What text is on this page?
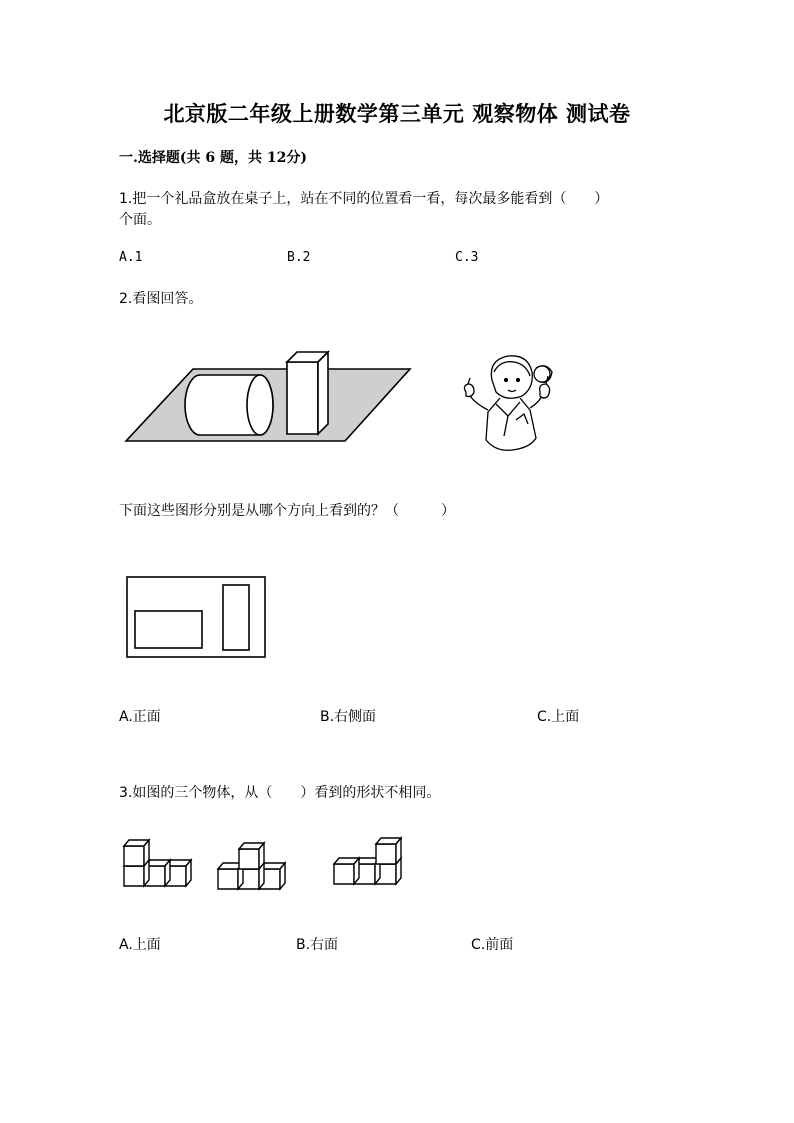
北京版二年级上册数学第三单元 观察物体 测试卷
一.选择题(共 6 题，共 12分)
1.把一个礼品盒放在桌子上，站在不同的位置看一看，每次最多能看到（　　）
个面。
A.1	B.2	C.3
2.看图回答。
下面这些图形分别是从哪个方向上看到的？（　　　）
A.正面	B.右侧面	C.上面
3.如图的三个物体，从（　　）看到的形状不相同。
A.上面	B.右面	C.前面
